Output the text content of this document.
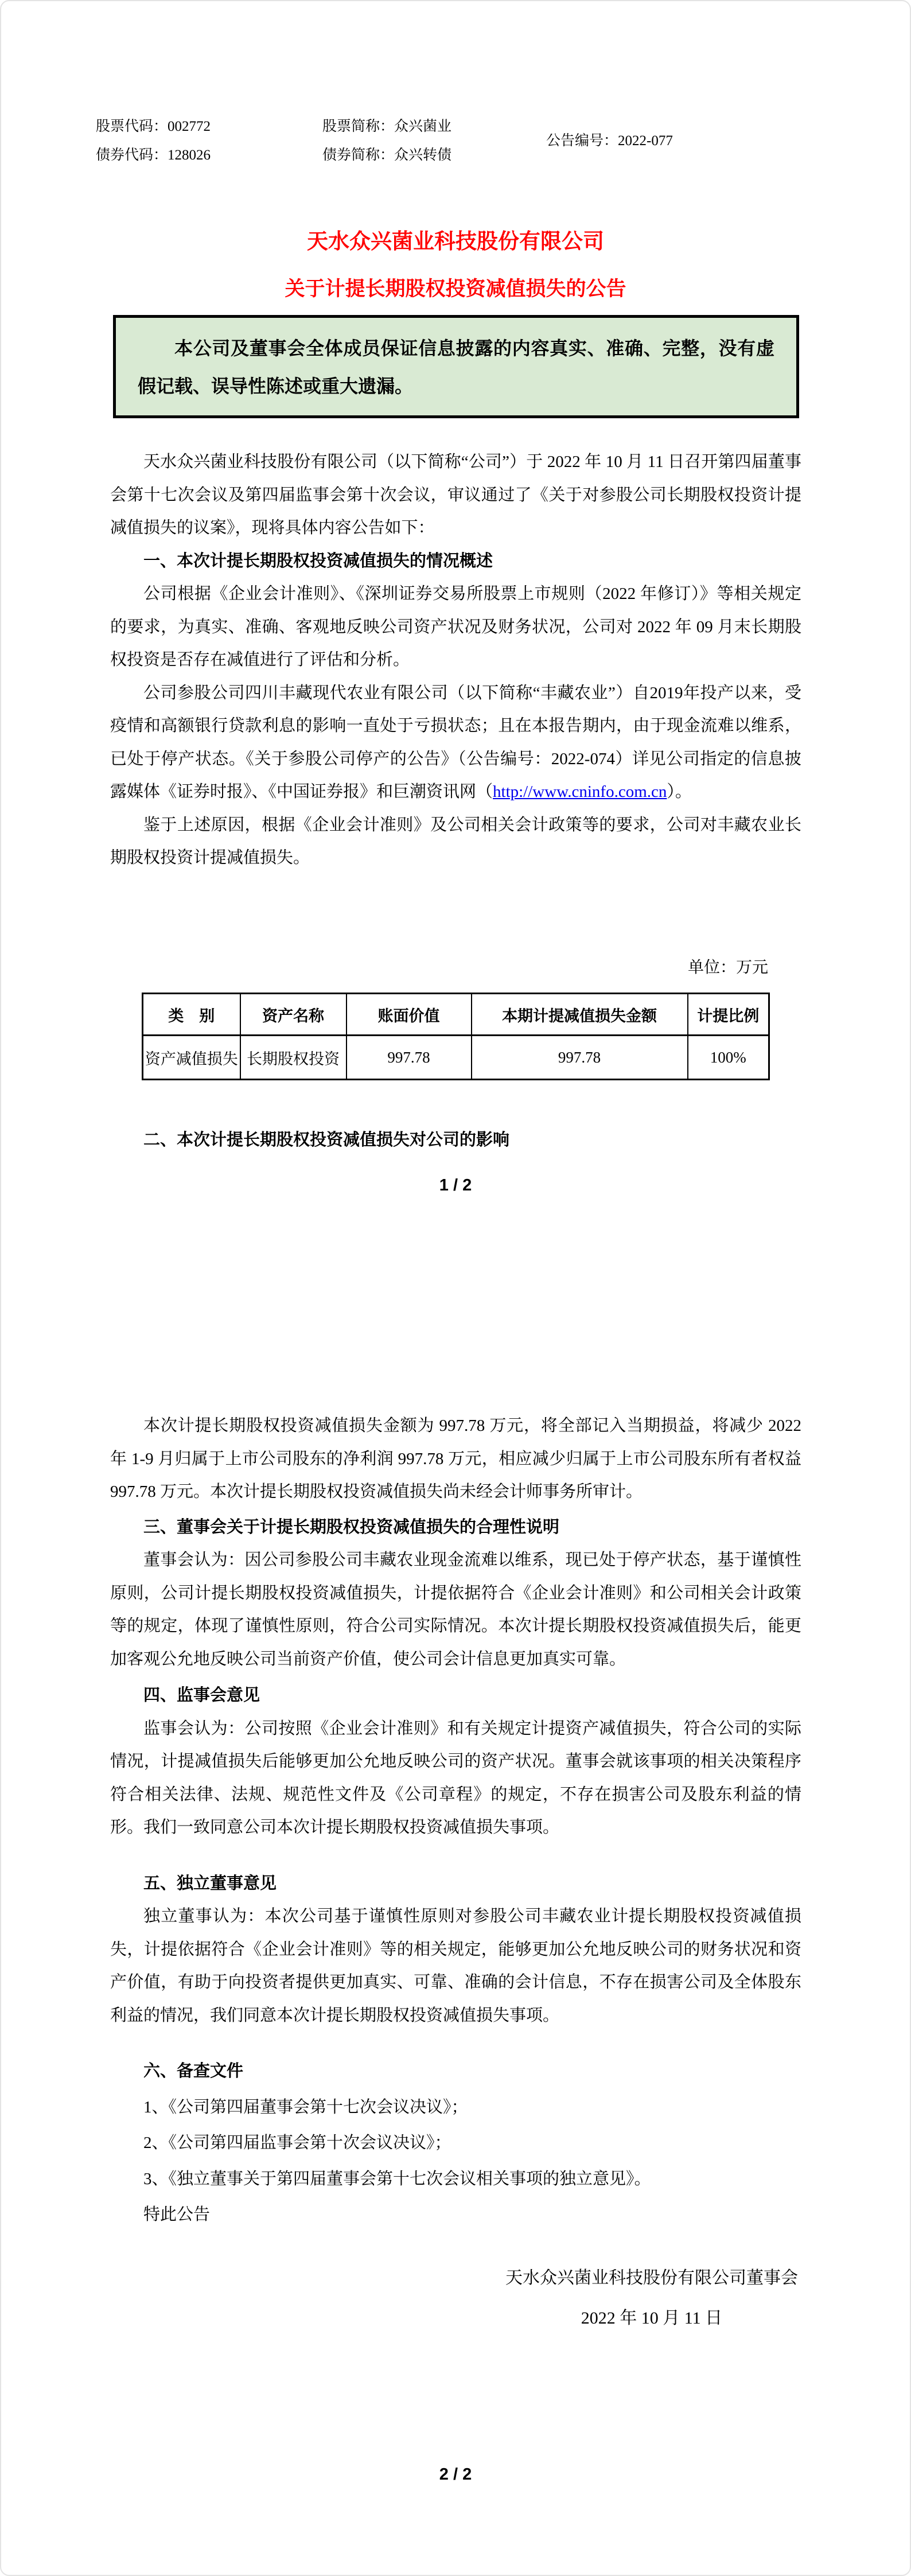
股票代码：002772
债券代码：128026
股票简称：众兴菌业
债券简称：众兴转债
公告编号：2022-077
天水众兴菌业科技股份有限公司
关于计提长期股权投资减值损失的公告

本公司及董事会全体成员保证信息披露的内容真实、准确、完整，没有虚假记载、误导性陈述或重大遗漏。

天水众兴菌业科技股份有限公司（以下简称“公司”）于 2022 年 10 月 11 日召开第四届董事会第十七次会议及第四届监事会第十次会议，审议通过了《关于对参股公司长期股权投资计提减值损失的议案》，现将具体内容公告如下：

一、本次计提长期股权投资减值损失的情况概述

公司根据《企业会计准则》、《深圳证券交易所股票上市规则（2022 年修订）》等相关规定的要求，为真实、准确、客观地反映公司资产状况及财务状况，公司对 2022 年 09 月末长期股权投资是否存在减值进行了评估和分析。

公司参股公司四川丰藏现代农业有限公司（以下简称“丰藏农业”）自2019年投产以来，受疫情和高额银行贷款利息的影响一直处于亏损状态；且在本报告期内，由于现金流难以维系，已处于停产状态。《关于参股公司停产的公告》（公告编号：2022-074）详见公司指定的信息披露媒体《证券时报》、《中国证券报》和巨潮资讯网（http://www.cninfo.com.cn）。

鉴于上述原因，根据《企业会计准则》及公司相关会计政策等的要求，公司对丰藏农业长期股权投资计提减值损失。

单位：万元
类　别	资产名称	账面价值	本期计提减值损失金额	计提比例
资产减值损失	长期股权投资	997.78	997.78	100%
二、本次计提长期股权投资减值损失对公司的影响
1 / 2

本次计提长期股权投资减值损失金额为 997.78 万元，将全部记入当期损益，将减少 2022 年 1-9 月归属于上市公司股东的净利润 997.78 万元，相应减少归属于上市公司股东所有者权益 997.78 万元。本次计提长期股权投资减值损失尚未经会计师事务所审计。

三、董事会关于计提长期股权投资减值损失的合理性说明

董事会认为：因公司参股公司丰藏农业现金流难以维系，现已处于停产状态，基于谨慎性原则，公司计提长期股权投资减值损失，计提依据符合《企业会计准则》和公司相关会计政策等的规定，体现了谨慎性原则，符合公司实际情况。本次计提长期股权投资减值损失后，能更加客观公允地反映公司当前资产价值，使公司会计信息更加真实可靠。

四、监事会意见

监事会认为：公司按照《企业会计准则》和有关规定计提资产减值损失，符合公司的实际情况，计提减值损失后能够更加公允地反映公司的资产状况。董事会就该事项的相关决策程序符合相关法律、法规、规范性文件及《公司章程》的规定，不存在损害公司及股东利益的情形。我们一致同意公司本次计提长期股权投资减值损失事项。

五、独立董事意见

独立董事认为：本次公司基于谨慎性原则对参股公司丰藏农业计提长期股权投资减值损失，计提依据符合《企业会计准则》等的相关规定，能够更加公允地反映公司的财务状况和资产价值，有助于向投资者提供更加真实、可靠、准确的会计信息，不存在损害公司及全体股东利益的情况，我们同意本次计提长期股权投资减值损失事项。

六、备查文件
1、《公司第四届董事会第十七次会议决议》；
2、《公司第四届监事会第十次会议决议》；
3、《独立董事关于第四届董事会第十七次会议相关事项的独立意见》。

特此公告

天水众兴菌业科技股份有限公司董事会
2022 年 10 月 11 日
2 / 2
